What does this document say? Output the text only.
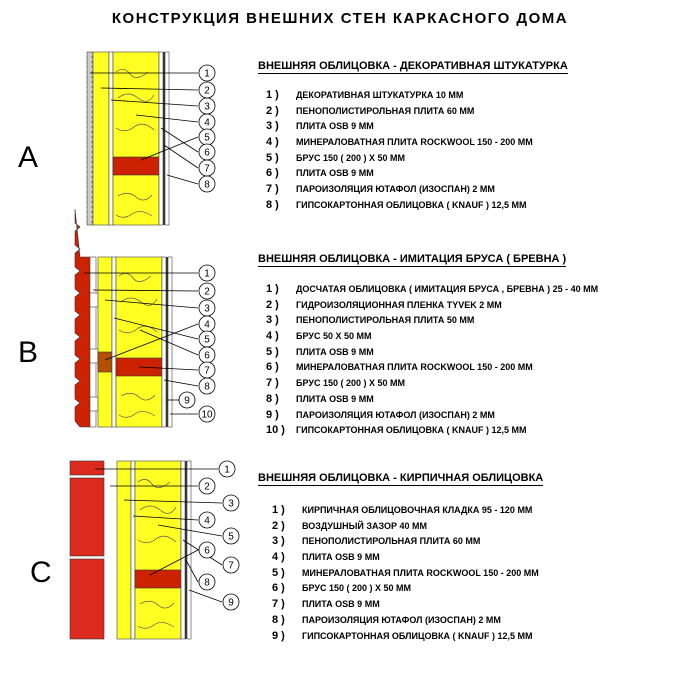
КОНСТРУКЦИЯ ВНЕШНИХ СТЕН КАРКАСНОГО ДОМА
A
1
2
3
4
5
6
7
8
B
1
2
3
4
5
6
7
8
9
10
C
1
2
3
4
5
6
7
8
9
ВНЕШНЯЯ ОБЛИЦОВКА - ДЕКОРАТИВНАЯ ШТУКАТУРКА
1 ) ДЕКОРАТИВНАЯ ШТУКАТУРКА 10 ММ
2 ) ПЕНОПОЛИСТИРОЛЬНАЯ ПЛИТА 60 ММ
3 ) ПЛИТА OSB 9 ММ
4 ) МИНЕРАЛОВАТНАЯ ПЛИТА ROCKWOOL 150 - 200 ММ
5 ) БРУС 150 ( 200 ) Х 50 ММ
6 ) ПЛИТА OSB 9 ММ
7 ) ПАРОИЗОЛЯЦИЯ ЮТАФОЛ (ИЗОСПАН) 2 ММ
8 ) ГИПСОКАРТОННАЯ ОБЛИЦОВКА ( KNAUF ) 12,5 ММ
ВНЕШНЯЯ ОБЛИЦОВКА - ИМИТАЦИЯ БРУСА ( БРЕВНА )
1 ) ДОСЧАТАЯ ОБЛИЦОВКА ( ИМИТАЦИЯ БРУСА , БРЕВНА ) 25 - 40 ММ
2 ) ГИДРОИЗОЛЯЦИОННАЯ ПЛЕНКА TYVEK 2 ММ
3 ) ПЕНОПОЛИСТИРОЛЬНАЯ ПЛИТА 50 ММ
4 ) БРУС 50 Х 50 ММ
5 ) ПЛИТА OSB 9 ММ
6 ) МИНЕРАЛОВАТНАЯ ПЛИТА ROCKWOOL 150 - 200 ММ
7 ) БРУС 150 ( 200 ) Х 50 ММ
8 ) ПЛИТА OSB 9 ММ
9 ) ПАРОИЗОЛЯЦИЯ ЮТАФОЛ (ИЗОСПАН) 2 ММ
10 ) ГИПСОКАРТОННАЯ ОБЛИЦОВКА ( KNAUF ) 12,5 ММ
ВНЕШНЯЯ ОБЛИЦОВКА - КИРПИЧНАЯ ОБЛИЦОВКА
1 ) КИРПИЧНАЯ ОБЛИЦОВОЧНАЯ КЛАДКА 95 - 120 ММ
2 ) ВОЗДУШНЫЙ ЗАЗОР 40 ММ
3 ) ПЕНОПОЛИСТИРОЛЬНАЯ ПЛИТА 60 ММ
4 ) ПЛИТА OSB 9 ММ
5 ) МИНЕРАЛОВАТНАЯ ПЛИТА ROCKWOOL 150 - 200 ММ
6 ) БРУС 150 ( 200 ) Х 50 ММ
7 ) ПЛИТА OSB 9 ММ
8 ) ПАРОИЗОЛЯЦИЯ ЮТАФОЛ (ИЗОСПАН) 2 ММ
9 ) ГИПСОКАРТОННАЯ ОБЛИЦОВКА ( KNAUF ) 12,5 ММ
